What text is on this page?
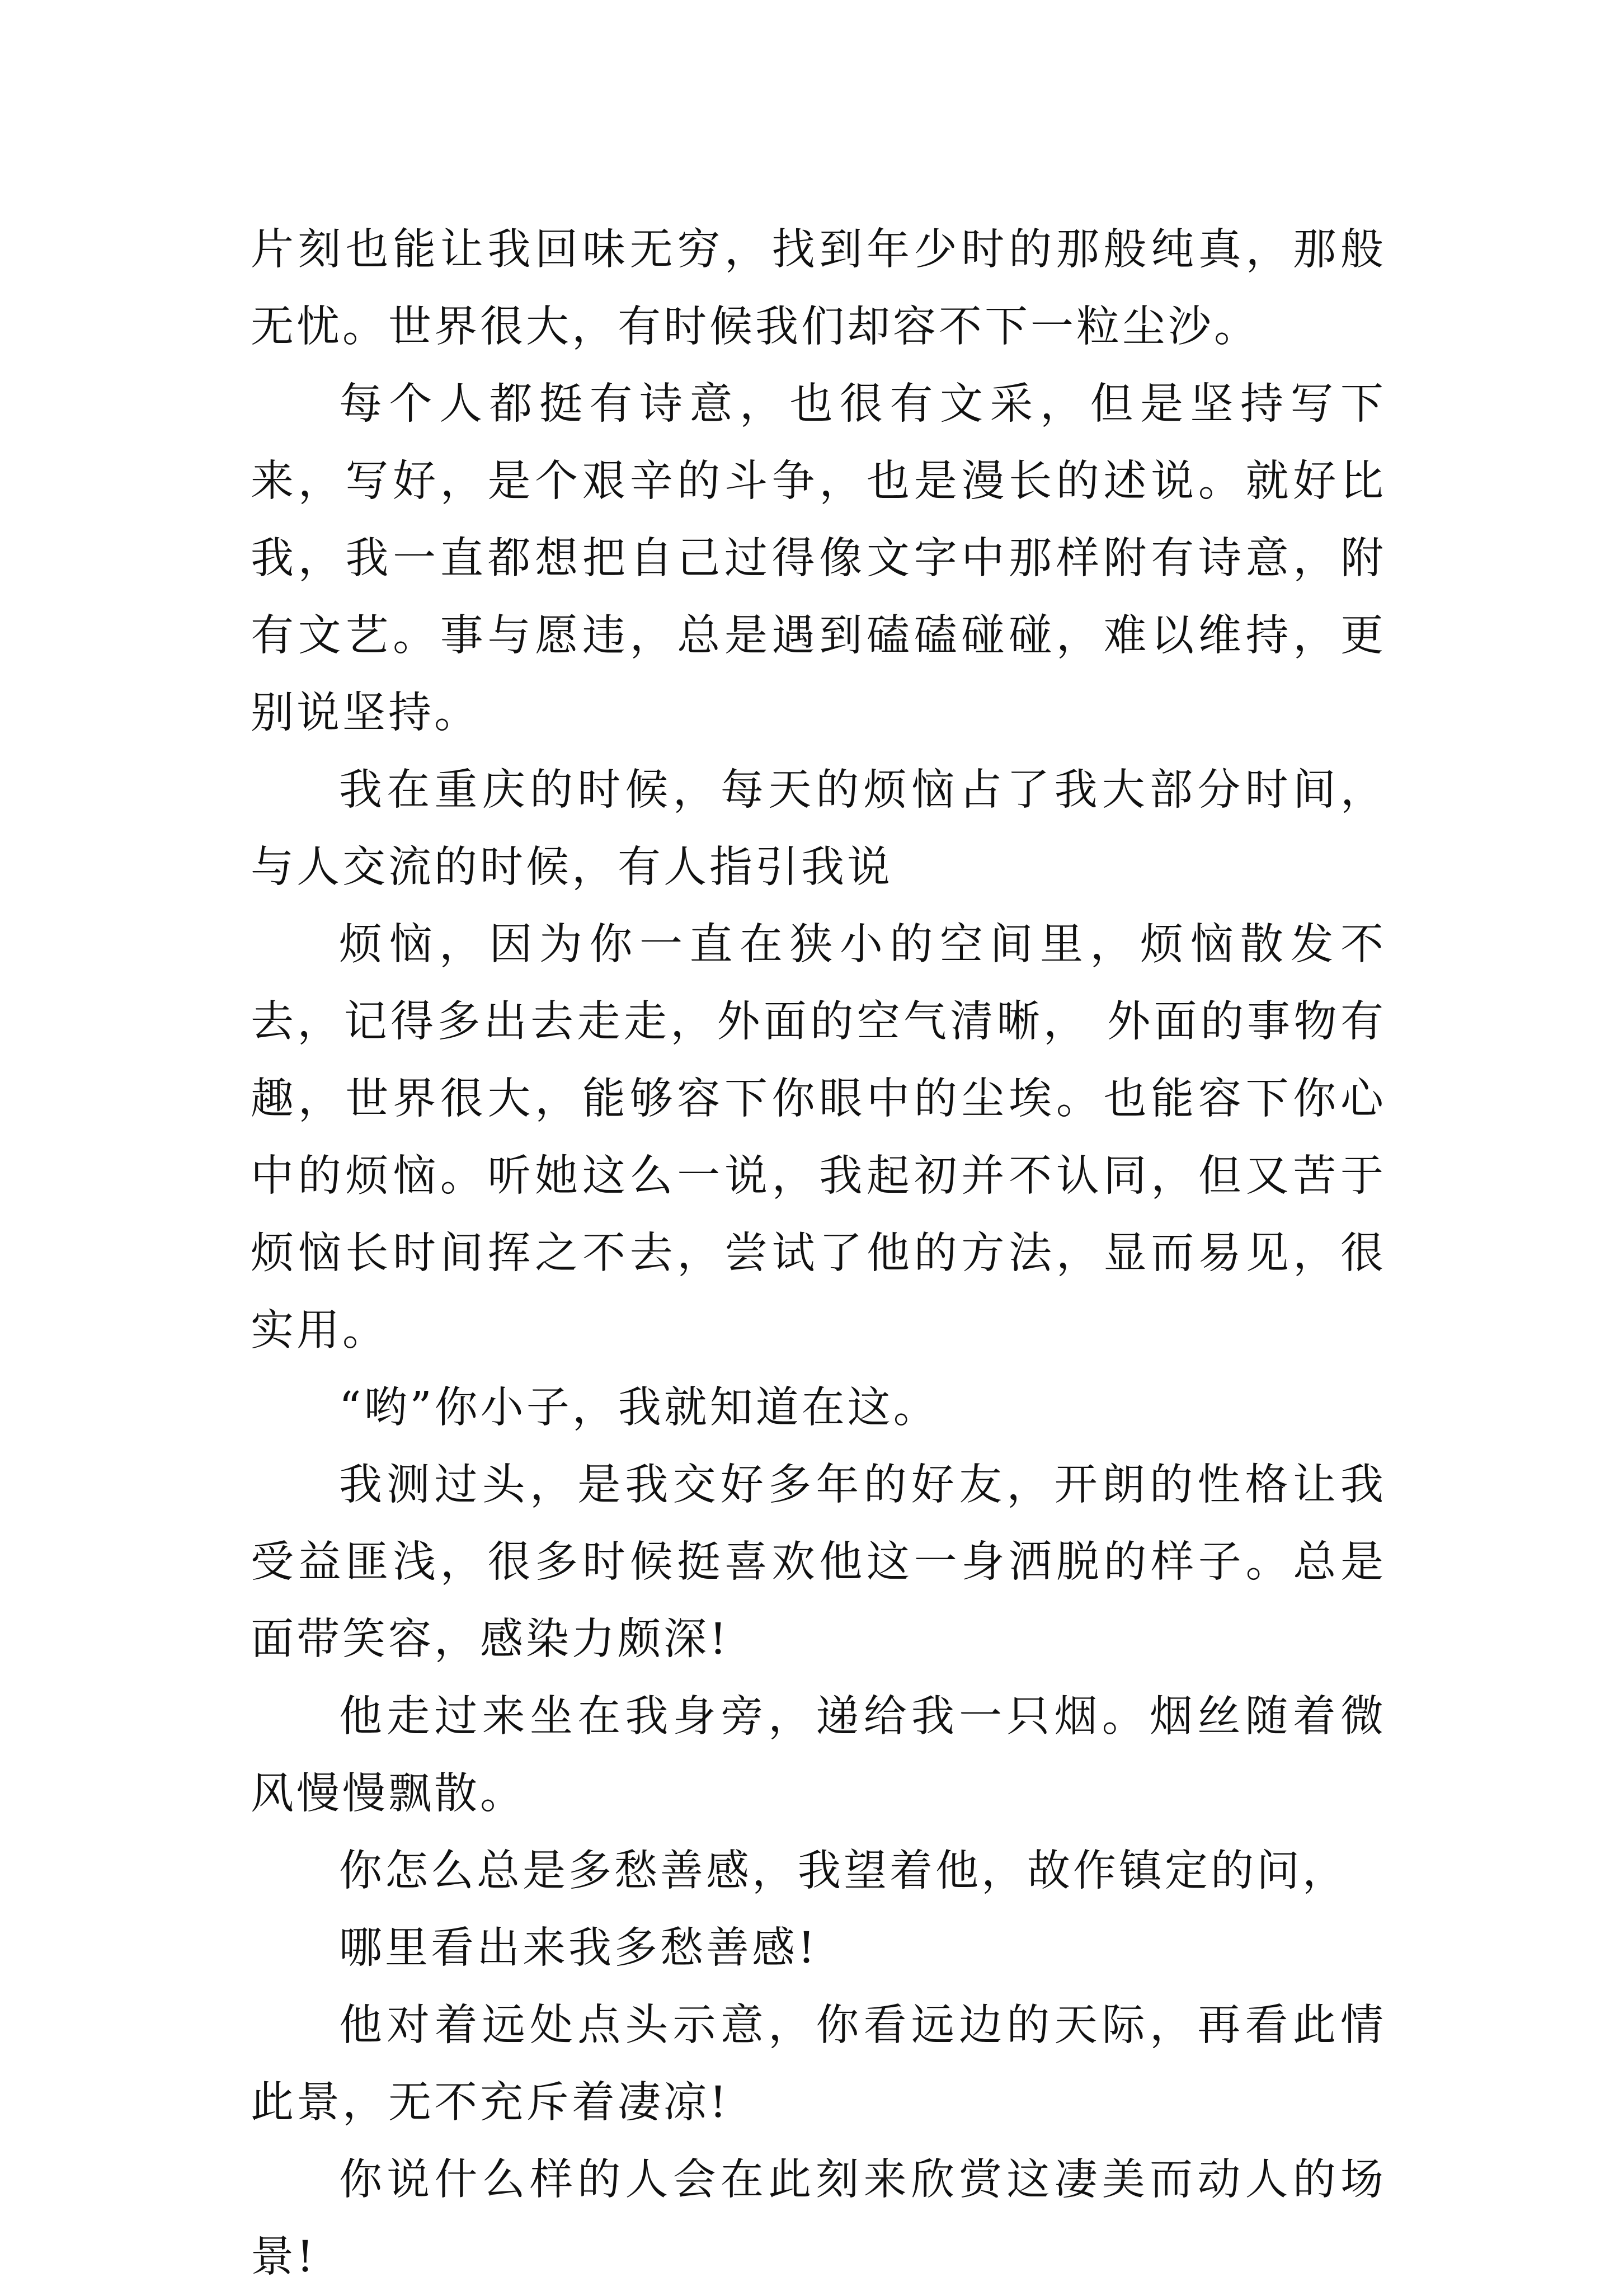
片刻也能让我回味无穷，找到年少时的那般纯真，那般无忧。世界很大，有时候我们却容不下一粒尘沙。

每个人都挺有诗意，也很有文采，但是坚持写下来，写好，是个艰辛的斗争，也是漫长的述说。就好比我，我一直都想把自己过得像文字中那样附有诗意，附有文艺。事与愿违，总是遇到磕磕碰碰，难以维持，更别说坚持。

我在重庆的时候，每天的烦恼占了我大部分时间，与人交流的时候，有人指引我说

烦恼，因为你一直在狭小的空间里，烦恼散发不去，记得多出去走走，外面的空气清晰， 外面的事物有趣，世界很大，能够容下你眼中的尘埃。也能容下你心中的烦恼。听她这么一说，我起初并不认同，但又苦于烦恼长时间挥之不去，尝试了他的方法，显而易见，很实用。

“哟”你小子，我就知道在这。

我测过头，是我交好多年的好友，开朗的性格让我受益匪浅，很多时候挺喜欢他这一身洒脱的样子。总是面带笑容，感染力颇深!

他走过来坐在我身旁，递给我一只烟。烟丝随着微风慢慢飘散。

你怎么总是多愁善感，我望着他，故作镇定的问，

哪里看出来我多愁善感!

他对着远处点头示意，你看远边的天际，再看此情此景，无不充斥着凄凉!

你说什么样的人会在此刻来欣赏这凄美而动人的场景!
